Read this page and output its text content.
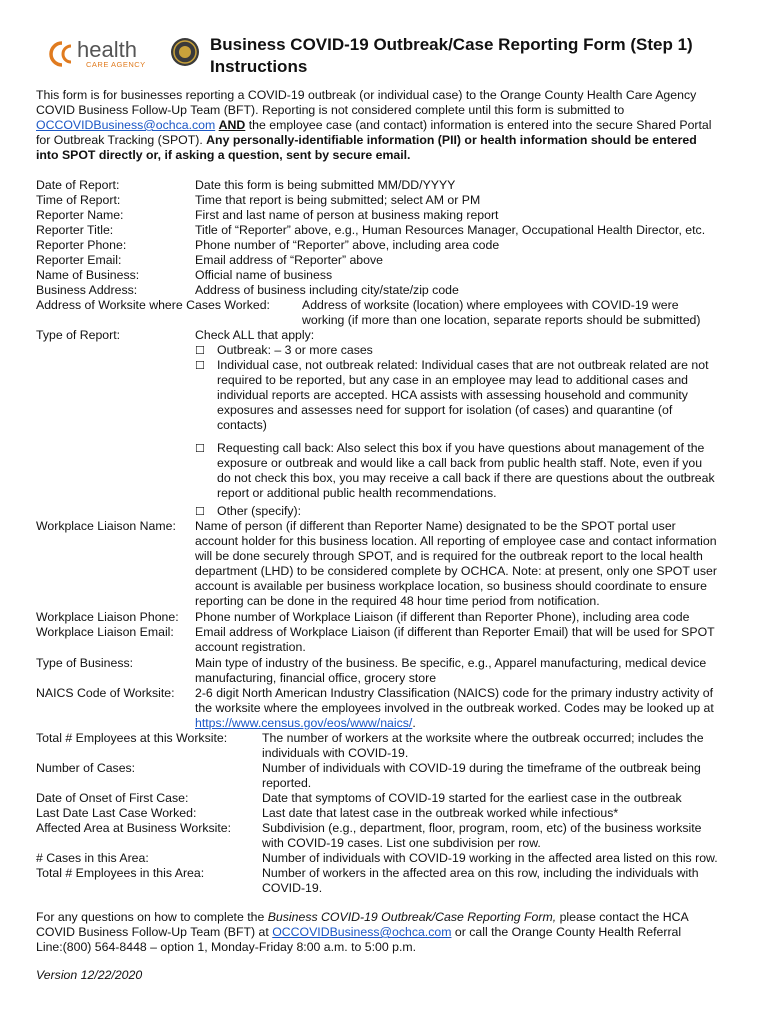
health
CARE AGENCY
Business COVID-19 Outbreak/Case Reporting Form (Step 1)
Instructions
This form is for businesses reporting a COVID-19 outbreak (or individual case) to the Orange County Health Care Agency
COVID Business Follow-Up Team (BFT). Reporting is not considered complete until this form is submitted to
OCCOVIDBusiness@ochca.com AND the employee case (and contact) information is entered into the secure Shared Portal
for Outbreak Tracking (SPOT). Any personally-identifiable information (PII) or health information should be entered
into SPOT directly or, if asking a question, sent by secure email.
Date of Report:	Date this form is being submitted MM/DD/YYYY
Time of Report:	Time that report is being submitted; select AM or PM
Reporter Name:	First and last name of person at business making report
Reporter Title:	Title of “Reporter” above, e.g., Human Resources Manager, Occupational Health Director, etc.
Reporter Phone:	Phone number of “Reporter” above, including area code
Reporter Email:	Email address of “Reporter” above
Name of Business:	Official name of business
Business Address:	Address of business including city/state/zip code
Address of Worksite where Cases Worked:	Address of worksite (location) where employees with COVID-19 were
working (if more than one location, separate reports should be submitted)
Type of Report:	Check ALL that apply:
☐ Outbreak: – 3 or more cases
☐ Individual case, not outbreak related: Individual cases that are not outbreak related are not
required to be reported, but any case in an employee may lead to additional cases and
individual reports are accepted. HCA assists with assessing household and community
exposures and assesses need for support for isolation (of cases) and quarantine (of
contacts)
☐ Requesting call back: Also select this box if you have questions about management of the
exposure or outbreak and would like a call back from public health staff. Note, even if you
do not check this box, you may receive a call back if there are questions about the outbreak
report or additional public health recommendations.
☐ Other (specify):
Workplace Liaison Name: Name of person (if different than Reporter Name) designated to be the SPOT portal user
account holder for this business location. All reporting of employee case and contact information
will be done securely through SPOT, and is required for the outbreak report to the local health
department (LHD) to be considered complete by OCHCA. Note: at present, only one SPOT user
account is available per business workplace location, so business should coordinate to ensure
reporting can be done in the required 48 hour time period from notification.
Workplace Liaison Phone: Phone number of Workplace Liaison (if different than Reporter Phone), including area code
Workplace Liaison Email: Email address of Workplace Liaison (if different than Reporter Email) that will be used for SPOT
account registration.
Type of Business:	Main type of industry of the business. Be specific, e.g., Apparel manufacturing, medical device
manufacturing, financial office, grocery store
NAICS Code of Worksite: 2-6 digit North American Industry Classification (NAICS) code for the primary industry activity of
the worksite where the employees involved in the outbreak worked. Codes may be looked up at
https://www.census.gov/eos/www/naics/.
Total # Employees at this Worksite:	The number of workers at the worksite where the outbreak occurred; includes the
individuals with COVID-19.
Number of Cases:	Number of individuals with COVID-19 during the timeframe of the outbreak being
reported.
Date of Onset of First Case:	Date that symptoms of COVID-19 started for the earliest case in the outbreak
Last Date Last Case Worked:	Last date that latest case in the outbreak worked while infectious*
Affected Area at Business Worksite:	Subdivision (e.g., department, floor, program, room, etc) of the business worksite
with COVID-19 cases. List one subdivision per row.
# Cases in this Area:	Number of individuals with COVID-19 working in the affected area listed on this row.
Total # Employees in this Area:	Number of workers in the affected area on this row, including the individuals with
COVID-19.
For any questions on how to complete the Business COVID-19 Outbreak/Case Reporting Form, please contact the HCA
COVID Business Follow-Up Team (BFT) at OCCOVIDBusiness@ochca.com or call the Orange County Health Referral
Line:(800) 564-8448 – option 1, Monday-Friday 8:00 a.m. to 5:00 p.m.
Version 12/22/2020
